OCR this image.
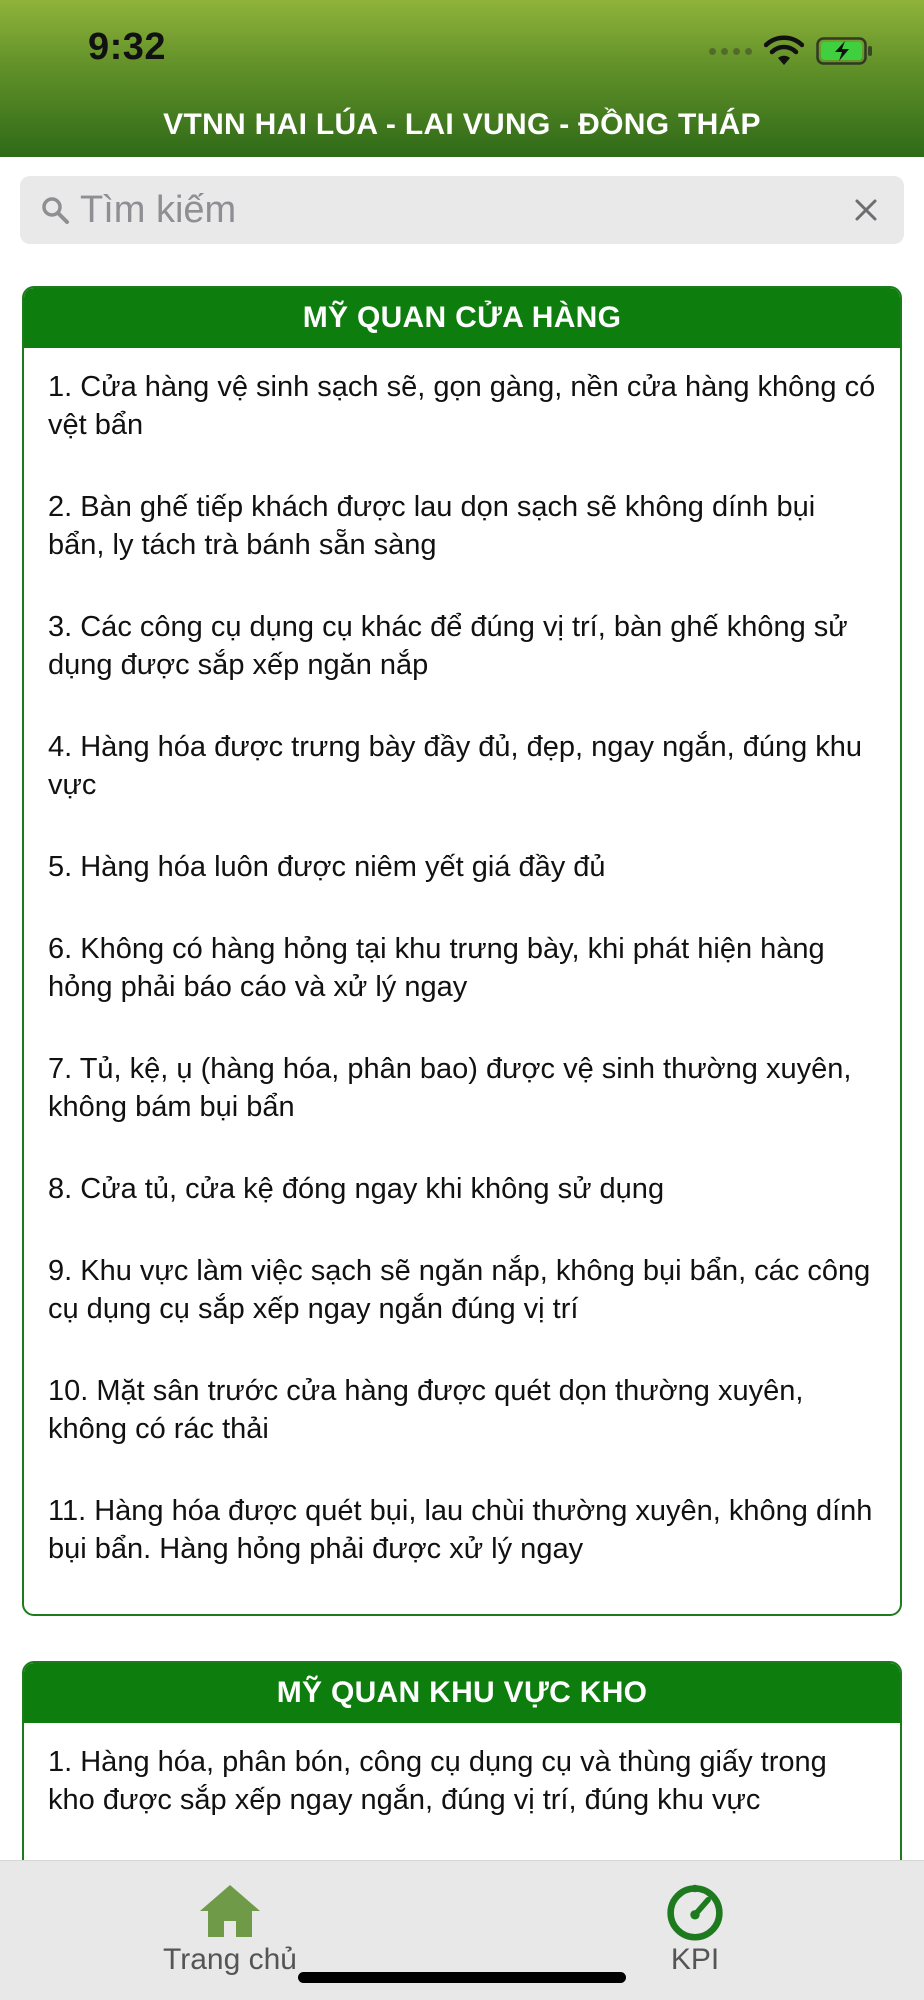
9:32
VTNN HAI LÚA - LAI VUNG - ĐỒNG THÁP
Tìm kiếm
MỸ QUAN CỬA HÀNG

1. Cửa hàng vệ sinh sạch sẽ, gọn gàng, nền cửa hàng không có vệt bẩn

2. Bàn ghế tiếp khách được lau dọn sạch sẽ không dính bụi bẩn, ly tách trà bánh sẵn sàng

3. Các công cụ dụng cụ khác để đúng vị trí, bàn ghế không sử dụng được sắp xếp ngăn nắp

4. Hàng hóa được trưng bày đầy đủ, đẹp, ngay ngắn, đúng khu vực

5. Hàng hóa luôn được niêm yết giá đầy đủ

6. Không có hàng hỏng tại khu trưng bày, khi phát hiện hàng hỏng phải báo cáo và xử lý ngay

7. Tủ, kệ, ụ (hàng hóa, phân bao) được vệ sinh thường xuyên, không bám bụi bẩn

8. Cửa tủ, cửa kệ đóng ngay khi không sử dụng

9. Khu vực làm việc sạch sẽ ngăn nắp, không bụi bẩn, các công cụ dụng cụ sắp xếp ngay ngắn đúng vị trí

10. Mặt sân trước cửa hàng được quét dọn thường xuyên, không có rác thải

11. Hàng hóa được quét bụi, lau chùi thường xuyên, không dính bụi bẩn. Hàng hỏng phải được xử lý ngay

MỸ QUAN KHU VỰC KHO

1. Hàng hóa, phân bón, công cụ dụng cụ và thùng giấy trong kho được sắp xếp ngay ngắn, đúng vị trí, đúng khu vực

Trang chủ	KPI
